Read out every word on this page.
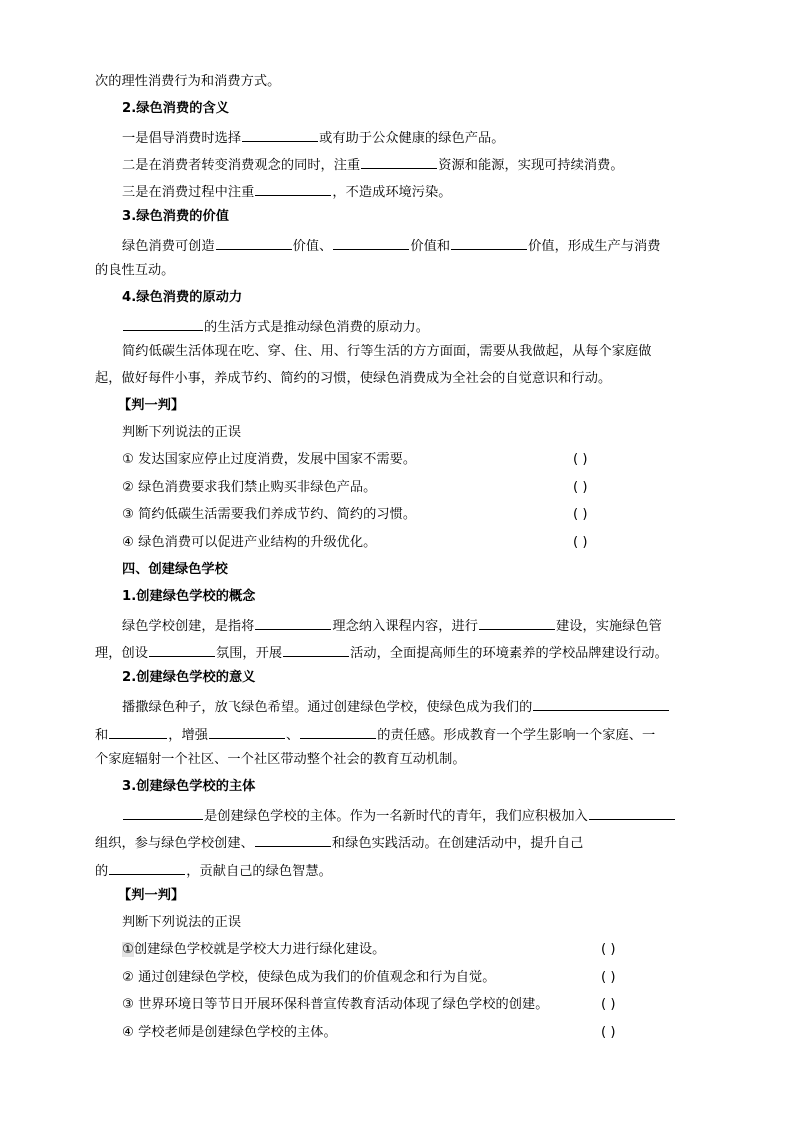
次的理性消费行为和消费方式。
2.绿色消费的含义
一是倡导消费时选择	或有助于公众健康的绿色产品。
二是在消费者转变消费观念的同时，注重	资源和能源，实现可持续消费。
三是在消费过程中注重	，不造成环境污染。
3.绿色消费的价值
绿色消费可创造	价值、	价值和	价值，形成生产与消费
的良性互动。
4.绿色消费的原动力
的生活方式是推动绿色消费的原动力。
简约低碳生活体现在吃、穿、住、用、行等生活的方方面面，需要从我做起，从每个家庭做
起，做好每件小事，养成节约、简约的习惯，使绿色消费成为全社会的自觉意识和行动。
【判一判】
判断下列说法的正误
① 发达国家应停止过度消费，发展中国家不需要。	( )
② 绿色消费要求我们禁止购买非绿色产品。	( )
③ 简约低碳生活需要我们养成节约、简约的习惯。	( )
④ 绿色消费可以促进产业结构的升级优化。	( )
四、创建绿色学校
1.创建绿色学校的概念
绿色学校创建，是指将	理念纳入课程内容，进行	建设，实施绿色管
理，创设	氛围，开展	活动，全面提高师生的环境素养的学校品牌建设行动。
2.创建绿色学校的意义
播撒绿色种子，放飞绿色希望。通过创建绿色学校，使绿色成为我们的
和	，增强	、	的责任感。形成教育一个学生影响一个家庭、一
个家庭辐射一个社区、一个社区带动整个社会的教育互动机制。
3.创建绿色学校的主体
是创建绿色学校的主体。作为一名新时代的青年，我们应积极加入
组织，参与绿色学校创建、	和绿色实践活动。在创建活动中，提升自己
的	，贡献自己的绿色智慧。
【判一判】
判断下列说法的正误
①创建绿色学校就是学校大力进行绿化建设。	( )
② 通过创建绿色学校，使绿色成为我们的价值观念和行为自觉。	( )
③ 世界环境日等节日开展环保科普宣传教育活动体现了绿色学校的创建。	( )
④ 学校老师是创建绿色学校的主体。	( )
